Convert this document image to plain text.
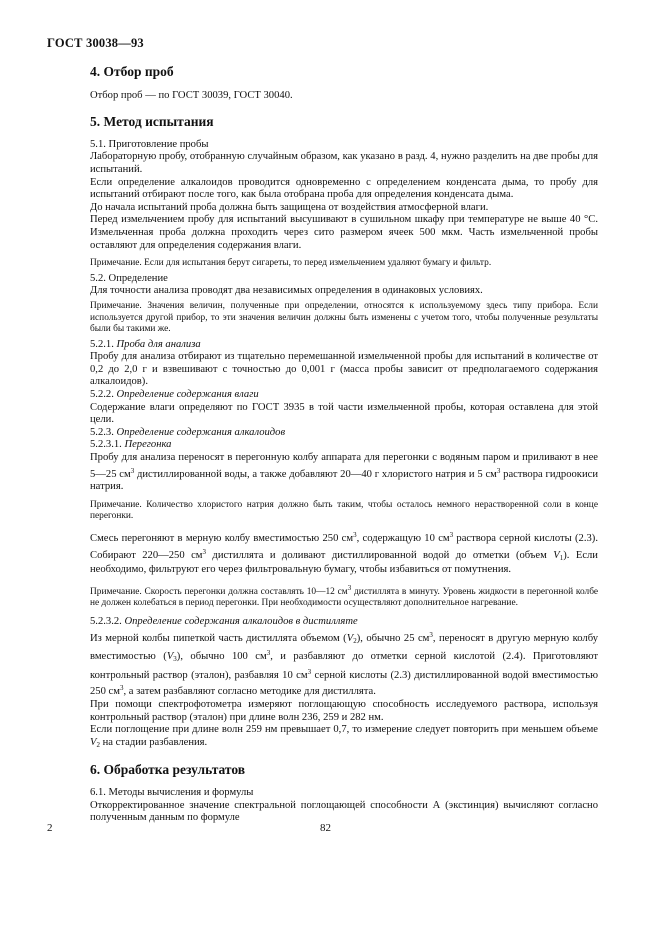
ГОСТ 30038—93
4. Отбор проб

Отбор проб — по ГОСТ 30039, ГОСТ 30040.

5. Метод испытания

5.1. Приготовление пробы

Лабораторную пробу, отобранную случайным образом, как указано в разд. 4, нужно разделить на две пробы для испытаний.

Если определение алкалоидов проводится одновременно с определением конденсата дыма, то пробу для испытаний отбирают после того, как была отобрана проба для определения конденсата дыма.

До начала испытаний проба должна быть защищена от воздействия атмосферной влаги.

Перед измельчением пробу для испытаний высушивают в сушильном шкафу при температуре не выше 40 °С. Измельченная проба должна проходить через сито размером ячеек 500 мкм. Часть измельченной пробы оставляют для определения содержания влаги.

Примечание. Если для испытания берут сигареты, то перед измельчением удаляют бумагу и фильтр.

5.2. Определение

Для точности анализа проводят два независимых определения в одинаковых условиях.

Примечание. Значения величин, полученные при определении, относятся к используемому здесь типу прибора. Если используется другой прибор, то эти значения величин должны быть изменены с учетом того, чтобы полученные результаты были бы такими же.

5.2.1. Проба для анализа

Пробу для анализа отбирают из тщательно перемешанной измельченной пробы для испытаний в количестве от 0,2 до 2,0 г и взвешивают с точностью до 0,001 г (масса пробы зависит от предполагаемого содержания алкалоидов).

5.2.2. Определение содержания влаги

Содержание влаги определяют по ГОСТ 3935 в той части измельченной пробы, которая оставлена для этой цели.

5.2.3. Определение содержания алкалоидов

5.2.3.1. Перегонка

Пробу для анализа переносят в перегонную колбу аппарата для перегонки с водяным паром и приливают в нее 5—25 $см^3$ дистиллированной воды, а также добавляют 20—40 г хлористого натрия и 5 $см^3$ раствора гидроокиси натрия.

Примечание. Количество хлористого натрия должно быть таким, чтобы осталось немного нерастворенной соли в конце перегонки.

Смесь перегоняют в мерную колбу вместимостью 250 $см^3$, содержащую 10 $см^3$ раствора серной кислоты (2.3). Собирают 220—250 $см^3$ дистиллята и доливают дистиллированной водой до отметки (объем $V_1$). Если необходимо, фильтруют его через фильтровальную бумагу, чтобы избавиться от помутнения.

Примечание. Скорость перегонки должна составлять 10—12 $см^3$ дистиллята в минуту. Уровень жидкости в перегонной колбе не должен колебаться в период перегонки. При необходимости осуществляют дополнительное нагревание.

5.2.3.2. Определение содержания алкалоидов в дистилляте

Из мерной колбы пипеткой часть дистиллята объемом $(V_2)$, обычно 25 $см^3$, переносят в другую мерную колбу вместимостью $(V_3)$, обычно 100 $см^3$, и разбавляют до отметки серной кислотой (2.4). Приготовляют контрольный раствор (эталон), разбавляя 10 $см^3$ серной кислоты (2.3) дистиллированной водой вместимостью 250 $см^3$, а затем разбавляют согласно методике для дистиллята.

При помощи спектрофотометра измеряют поглощающую способность исследуемого раствора, используя контрольный раствор (эталон) при длине волн 236, 259 и 282 нм.

Если поглощение при длине волн 259 нм превышает 0,7, то измерение следует повторить при меньшем объеме $V_2$ на стадии разбавления.

6. Обработка результатов

6.1. Методы вычисления и формулы

Откорректированное значение спектральной поглощающей способности А (экстинция) вычисляют согласно полученным данным по формуле

2	82
